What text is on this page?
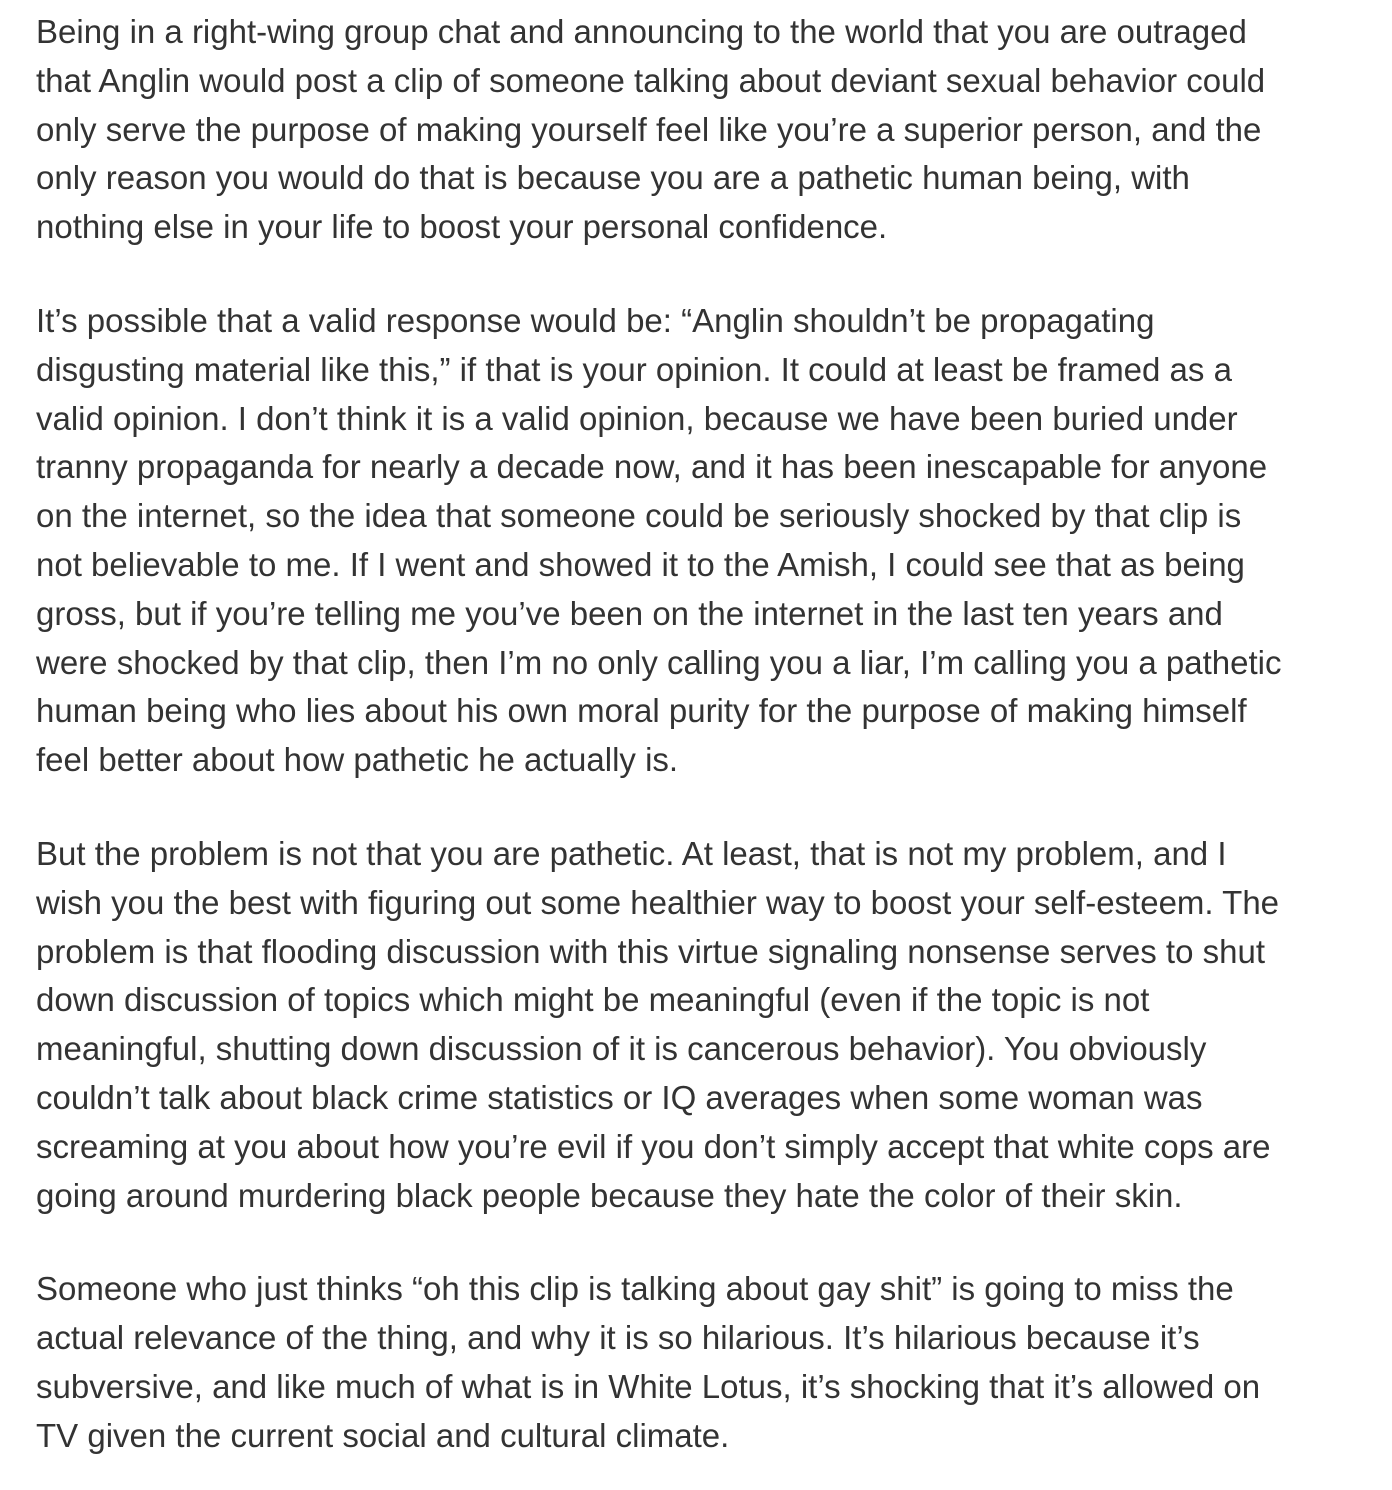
Being in a right-wing group chat and announcing to the world that you are outraged
that Anglin would post a clip of someone talking about deviant sexual behavior could
only serve the purpose of making yourself feel like you’re a superior person, and the
only reason you would do that is because you are a pathetic human being, with
nothing else in your life to boost your personal confidence.

It’s possible that a valid response would be: “Anglin shouldn’t be propagating
disgusting material like this,” if that is your opinion. It could at least be framed as a
valid opinion. I don’t think it is a valid opinion, because we have been buried under
tranny propaganda for nearly a decade now, and it has been inescapable for anyone
on the internet, so the idea that someone could be seriously shocked by that clip is
not believable to me. If I went and showed it to the Amish, I could see that as being
gross, but if you’re telling me you’ve been on the internet in the last ten years and
were shocked by that clip, then I’m no only calling you a liar, I’m calling you a pathetic
human being who lies about his own moral purity for the purpose of making himself
feel better about how pathetic he actually is.

But the problem is not that you are pathetic. At least, that is not my problem, and I
wish you the best with figuring out some healthier way to boost your self-esteem. The
problem is that flooding discussion with this virtue signaling nonsense serves to shut
down discussion of topics which might be meaningful (even if the topic is not
meaningful, shutting down discussion of it is cancerous behavior). You obviously
couldn’t talk about black crime statistics or IQ averages when some woman was
screaming at you about how you’re evil if you don’t simply accept that white cops are
going around murdering black people because they hate the color of their skin.

Someone who just thinks “oh this clip is talking about gay shit” is going to miss the
actual relevance of the thing, and why it is so hilarious. It’s hilarious because it’s
subversive, and like much of what is in White Lotus, it’s shocking that it’s allowed on
TV given the current social and cultural climate.
